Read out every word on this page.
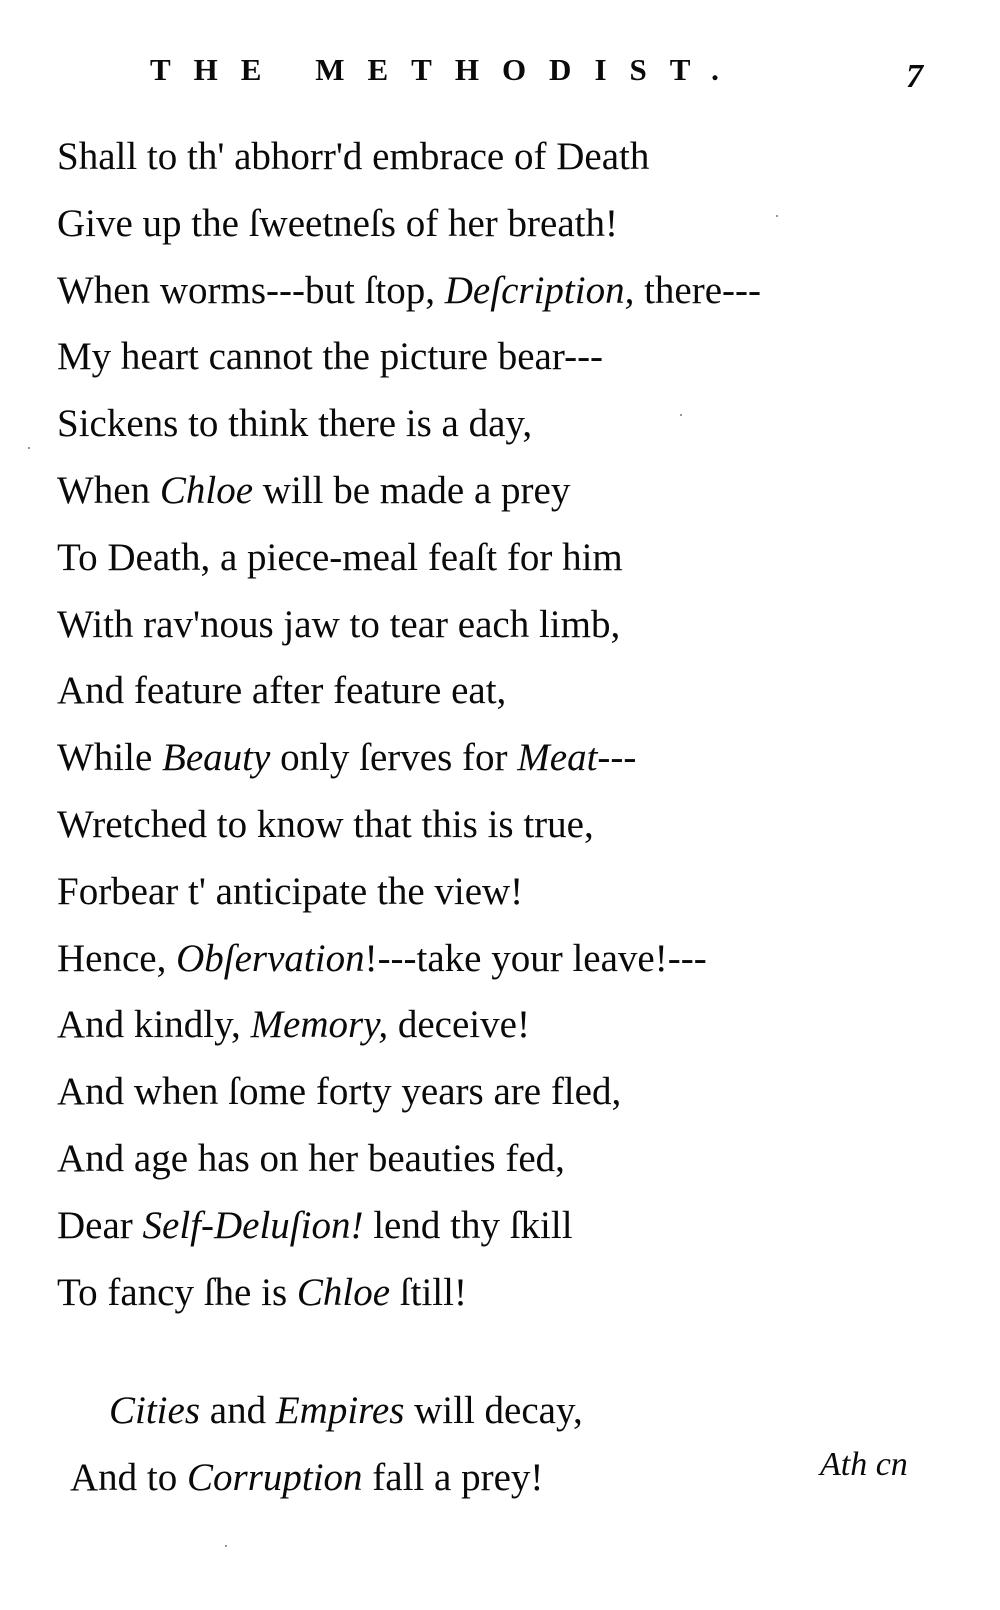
THE METHODIST.	7
Shall to th' abhorr'd embrace of Death
Give up the ſweetneſs of her breath!
When worms---but ſtop, Deſcription, there---
My heart cannot the picture bear---
Sickens to think there is a day,
When Chloe will be made a prey
To Death, a piece-meal feaſt for him
With rav'nous jaw to tear each limb,
And feature after feature eat,
While Beauty only ſerves for Meat---
Wretched to know that this is true,
Forbear t' anticipate the view!
Hence, Obſervation!---take your leave!---
And kindly, Memory, deceive!
And when ſome forty years are fled,
And age has on her beauties fed,
Dear Self-Deluſion! lend thy ſkill
To fancy ſhe is Chloe ſtill!
Cities and Empires will decay,
And to Corruption fall a prey!	Ath cn
